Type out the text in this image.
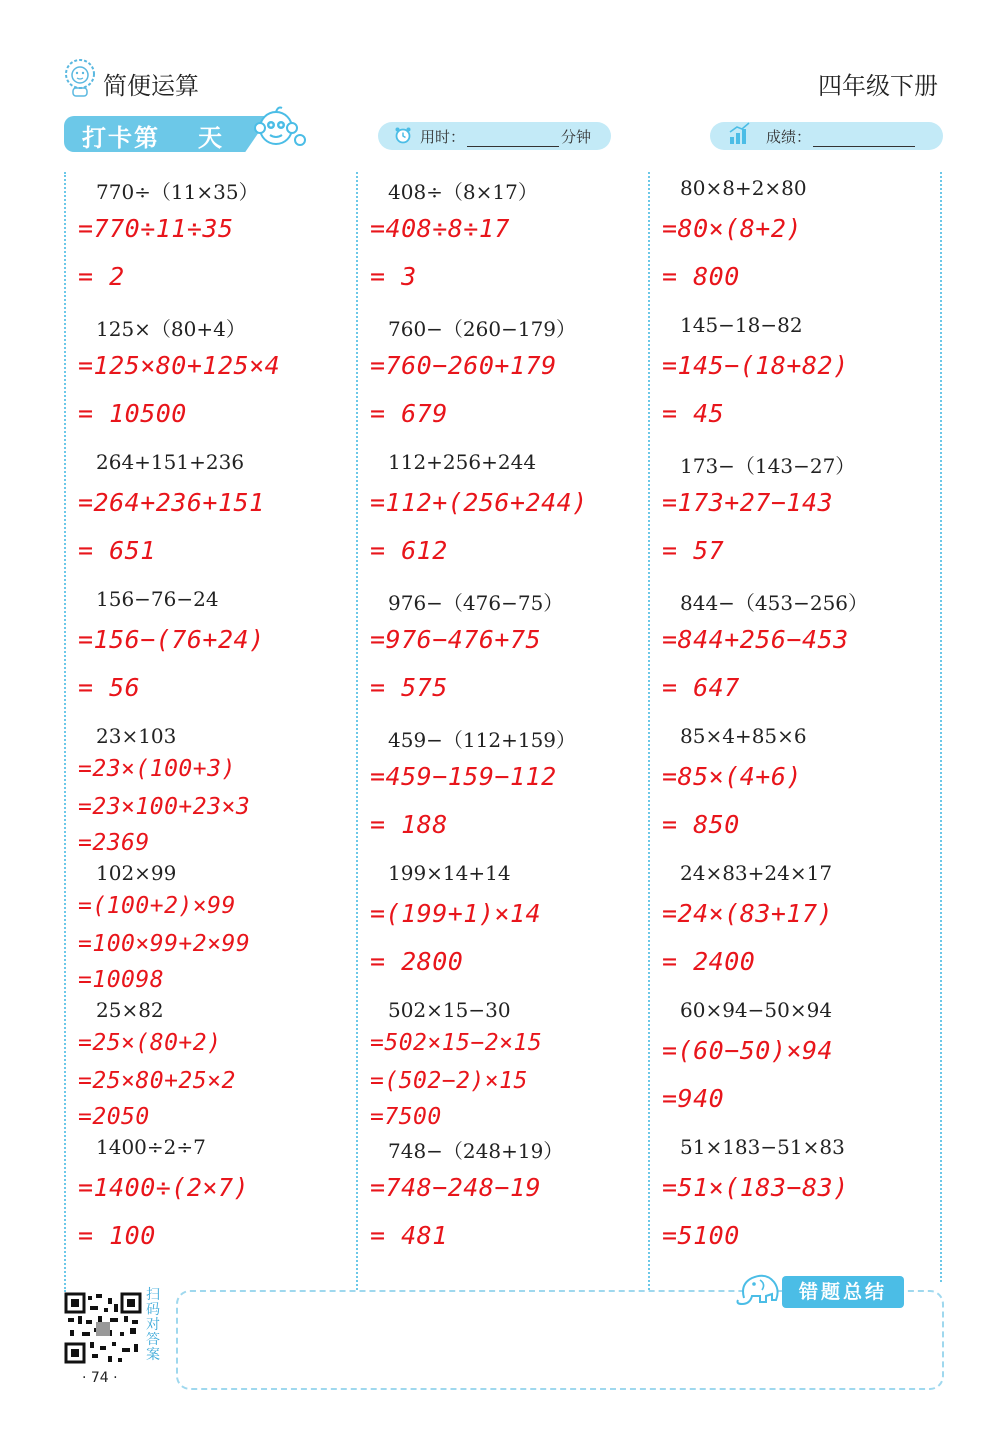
简便运算	四年级下册
打卡第 天	用时：	分钟	成绩：
770÷（11×35）
=770÷11÷35
= 2
125×（80+4）
=125×80+125×4
= 10500
264+151+236
=264+236+151
= 651
156−76−24
=156−(76+24)
= 56
23×103
=23×(100+3)
=23×100+23×3
=2369
102×99
=(100+2)×99
=100×99+2×99
=10098
25×82
=25×(80+2)
=25×80+25×2
=2050
1400÷2÷7
=1400÷(2×7)
= 100
408÷（8×17）
=408÷8÷17
= 3
760−（260−179）
=760−260+179
= 679
112+256+244
=112+(256+244)
= 612
976−（476−75）
=976−476+75
= 575
459−（112+159）
=459−159−112
= 188
199×14+14
=(199+1)×14
= 2800
502×15−30
=502×15−2×15
=(502−2)×15
=7500
748−（248+19）
=748−248−19
= 481
80×8+2×80
=80×(8+2)
= 800
145−18−82
=145−(18+82)
= 45
173−（143−27）
=173+27−143
= 57
844−（453−256）
=844+256−453
= 647
85×4+85×6
=85×(4+6)
= 850
24×83+24×17
=24×(83+17)
= 2400
60×94−50×94
=(60−50)×94
=940
51×183−51×83
=51×(183−83)
=5100
扫码对答案
· 74 ·
错题总结
